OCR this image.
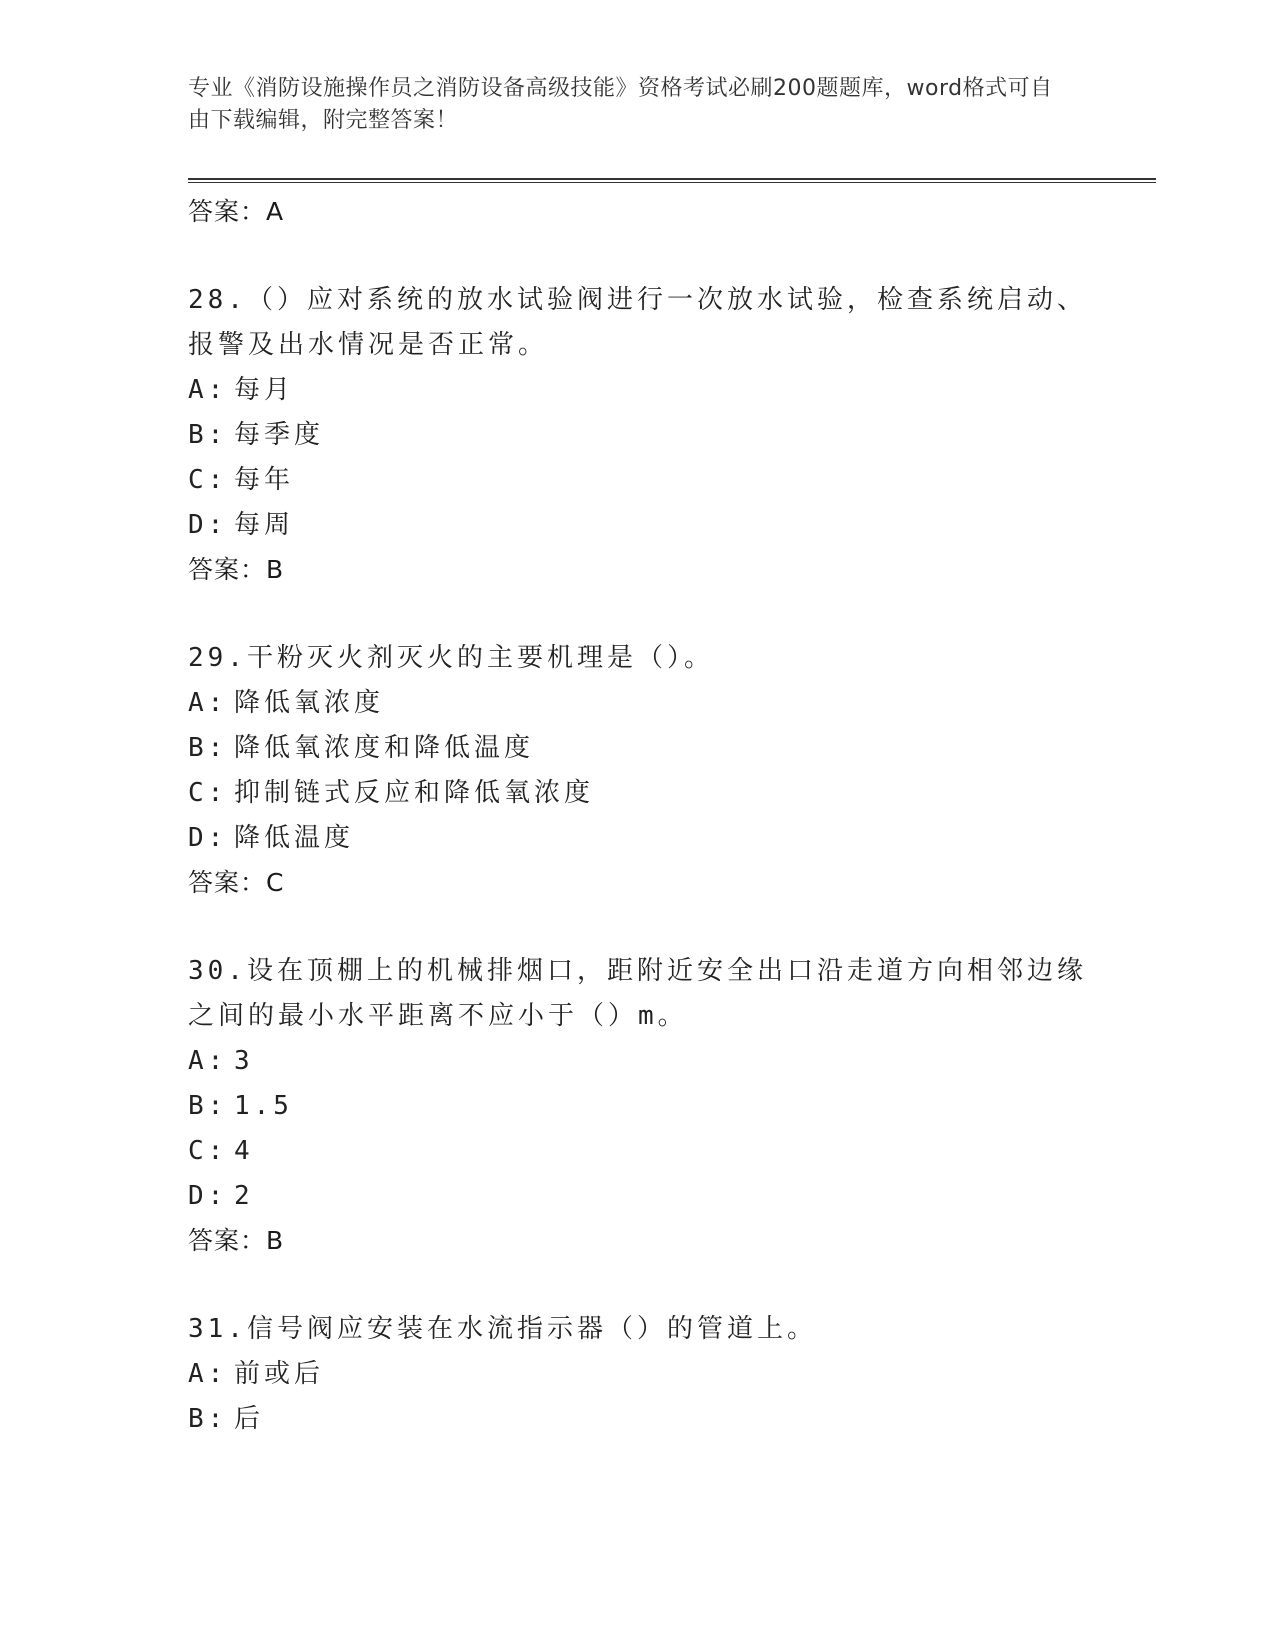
专业《消防设施操作员之消防设备高级技能》资格考试必刷200题题库，word格式可自由下载编辑，附完整答案！
答案：A
28.（）应对系统的放水试验阀进行一次放水试验，检查系统启动、报警及出水情况是否正常。
A: 每月
B: 每季度
C: 每年
D: 每周
答案：B
29.干粉灭火剂灭火的主要机理是（）。
A: 降低氧浓度
B: 降低氧浓度和降低温度
C: 抑制链式反应和降低氧浓度
D: 降低温度
答案：C
30.设在顶棚上的机械排烟口，距附近安全出口沿走道方向相邻边缘之间的最小水平距离不应小于（）m。
A: 3
B: 1.5
C: 4
D: 2
答案：B
31.信号阀应安装在水流指示器（）的管道上。
A: 前或后
B: 后
